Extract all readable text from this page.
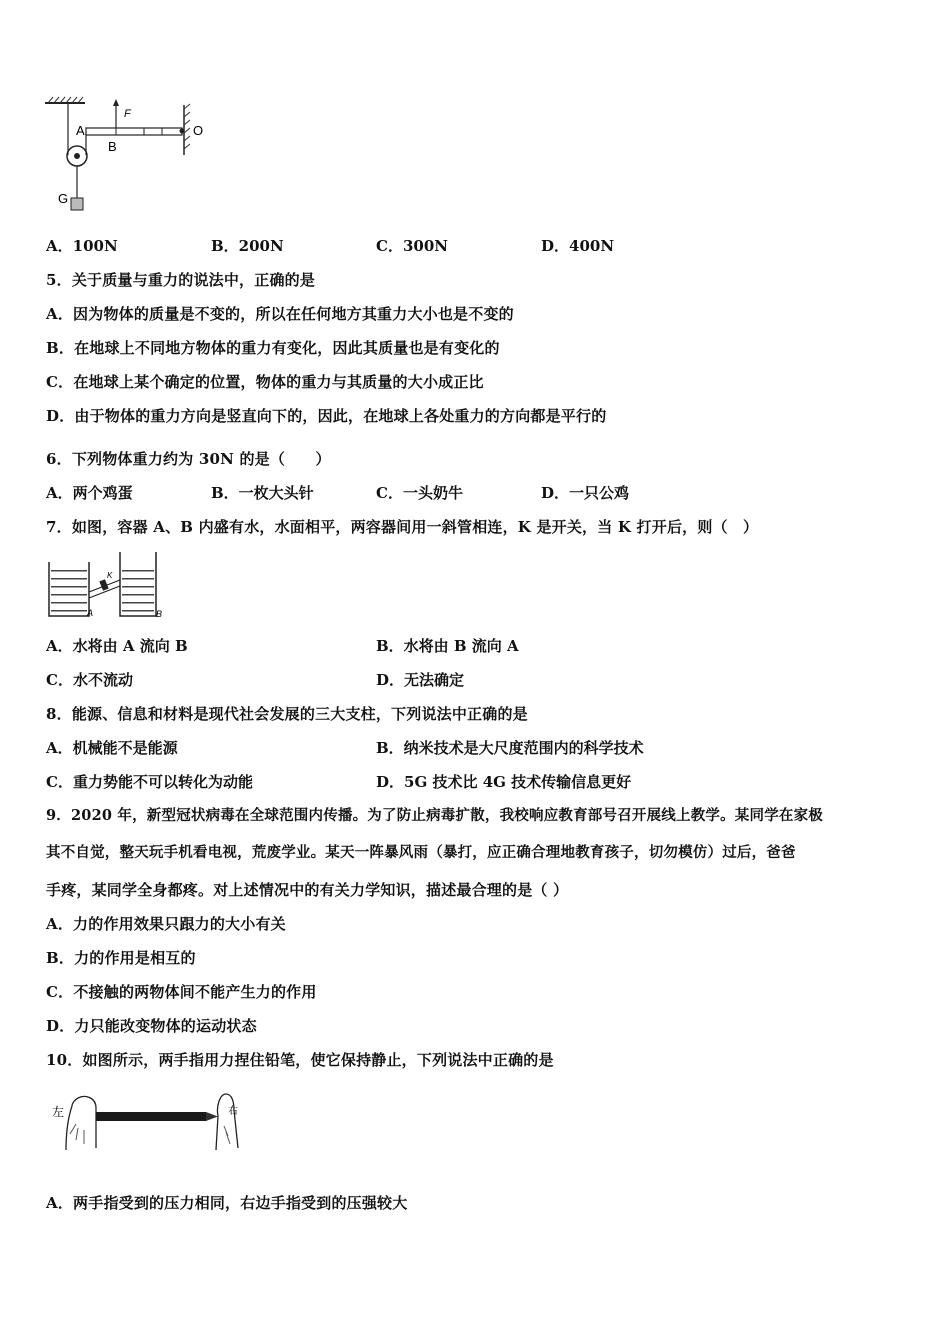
A
B
F
O
G
A．100N	B．200N	C．300N	D．400N
5．关于质量与重力的说法中，正确的是
A．因为物体的质量是不变的，所以在任何地方其重力大小也是不变的
B．在地球上不同地方物体的重力有变化，因此其质量也是有变化的
C．在地球上某个确定的位置，物体的重力与其质量的大小成正比
D．由于物体的重力方向是竖直向下的，因此，在地球上各处重力的方向都是平行的
6．下列物体重力约为 30N 的是（　　）
A．两个鸡蛋	B．一枚大头针	C．一头奶牛	D．一只公鸡
7．如图，容器 A、B 内盛有水，水面相平，两容器间用一斜管相连，K 是开关，当 K 打开后，则（　）
A	B
K
A．水将由 A 流向 B	B．水将由 B 流向 A
C．水不流动	D．无法确定
8．能源、信息和材料是现代社会发展的三大支柱，下列说法中正确的是
A．机械能不是能源	B．纳米技术是大尺度范围内的科学技术
C．重力势能不可以转化为动能	D．5G 技术比 4G 技术传输信息更好
9．2020 年，新型冠状病毒在全球范围内传播。为了防止病毒扩散，我校响应教育部号召开展线上教学。某同学在家极
其不自觉，整天玩手机看电视，荒废学业。某天一阵暴风雨（暴打，应正确合理地教育孩子，切勿模仿）过后，爸爸
手疼，某同学全身都疼。对上述情况中的有关力学知识，描述最合理的是（ ）
A．力的作用效果只跟力的大小有关
B．力的作用是相互的
C．不接触的两物体间不能产生力的作用
D．力只能改变物体的运动状态
10．如图所示，两手指用力捏住铅笔，使它保持静止，下列说法中正确的是
左	右
A．两手指受到的压力相同，右边手指受到的压强较大
